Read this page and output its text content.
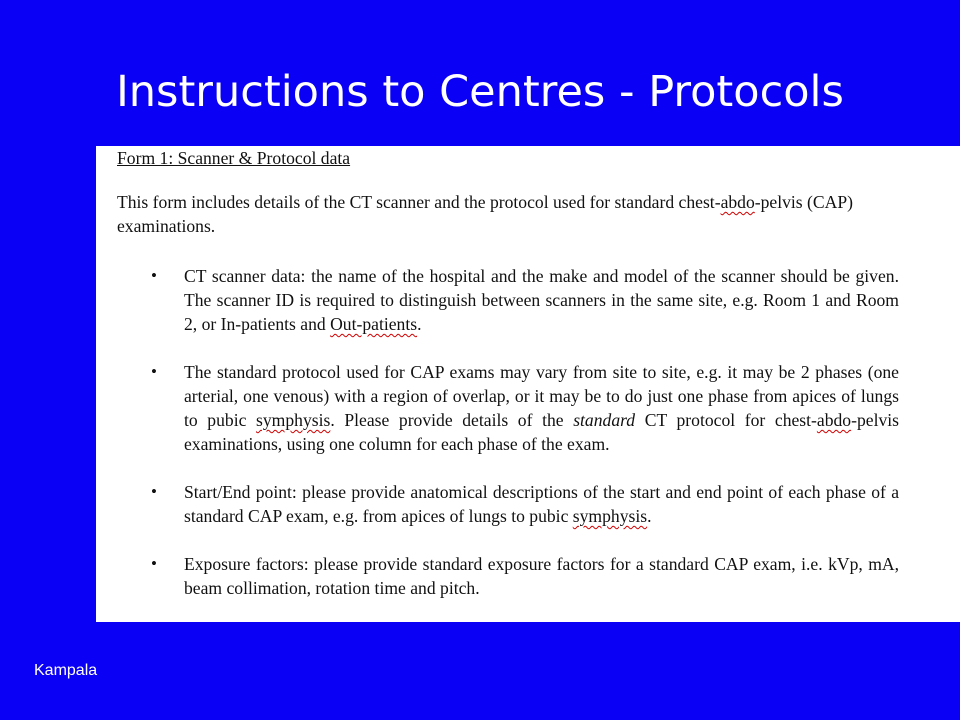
Instructions to Centres - Protocols
Form 1: Scanner & Protocol data
This form includes details of the CT scanner and the protocol used for standard chest-abdo-pelvis (CAP) examinations.
• CT scanner data: the name of the hospital and the make and model of the scanner should be given. The scanner ID is required to distinguish between scanners in the same site, e.g. Room 1 and Room 2, or In-patients and Out-patients.
• The standard protocol used for CAP exams may vary from site to site, e.g. it may be 2 phases (one arterial, one venous) with a region of overlap, or it may be to do just one phase from apices of lungs to pubic symphysis. Please provide details of the standard CT protocol for chest-abdo-pelvis examinations, using one column for each phase of the exam.
• Start/End point: please provide anatomical descriptions of the start and end point of each phase of a standard CAP exam, e.g. from apices of lungs to pubic symphysis.
• Exposure factors: please provide standard exposure factors for a standard CAP exam, i.e. kVp, mA, beam collimation, rotation time and pitch.
Kampala
